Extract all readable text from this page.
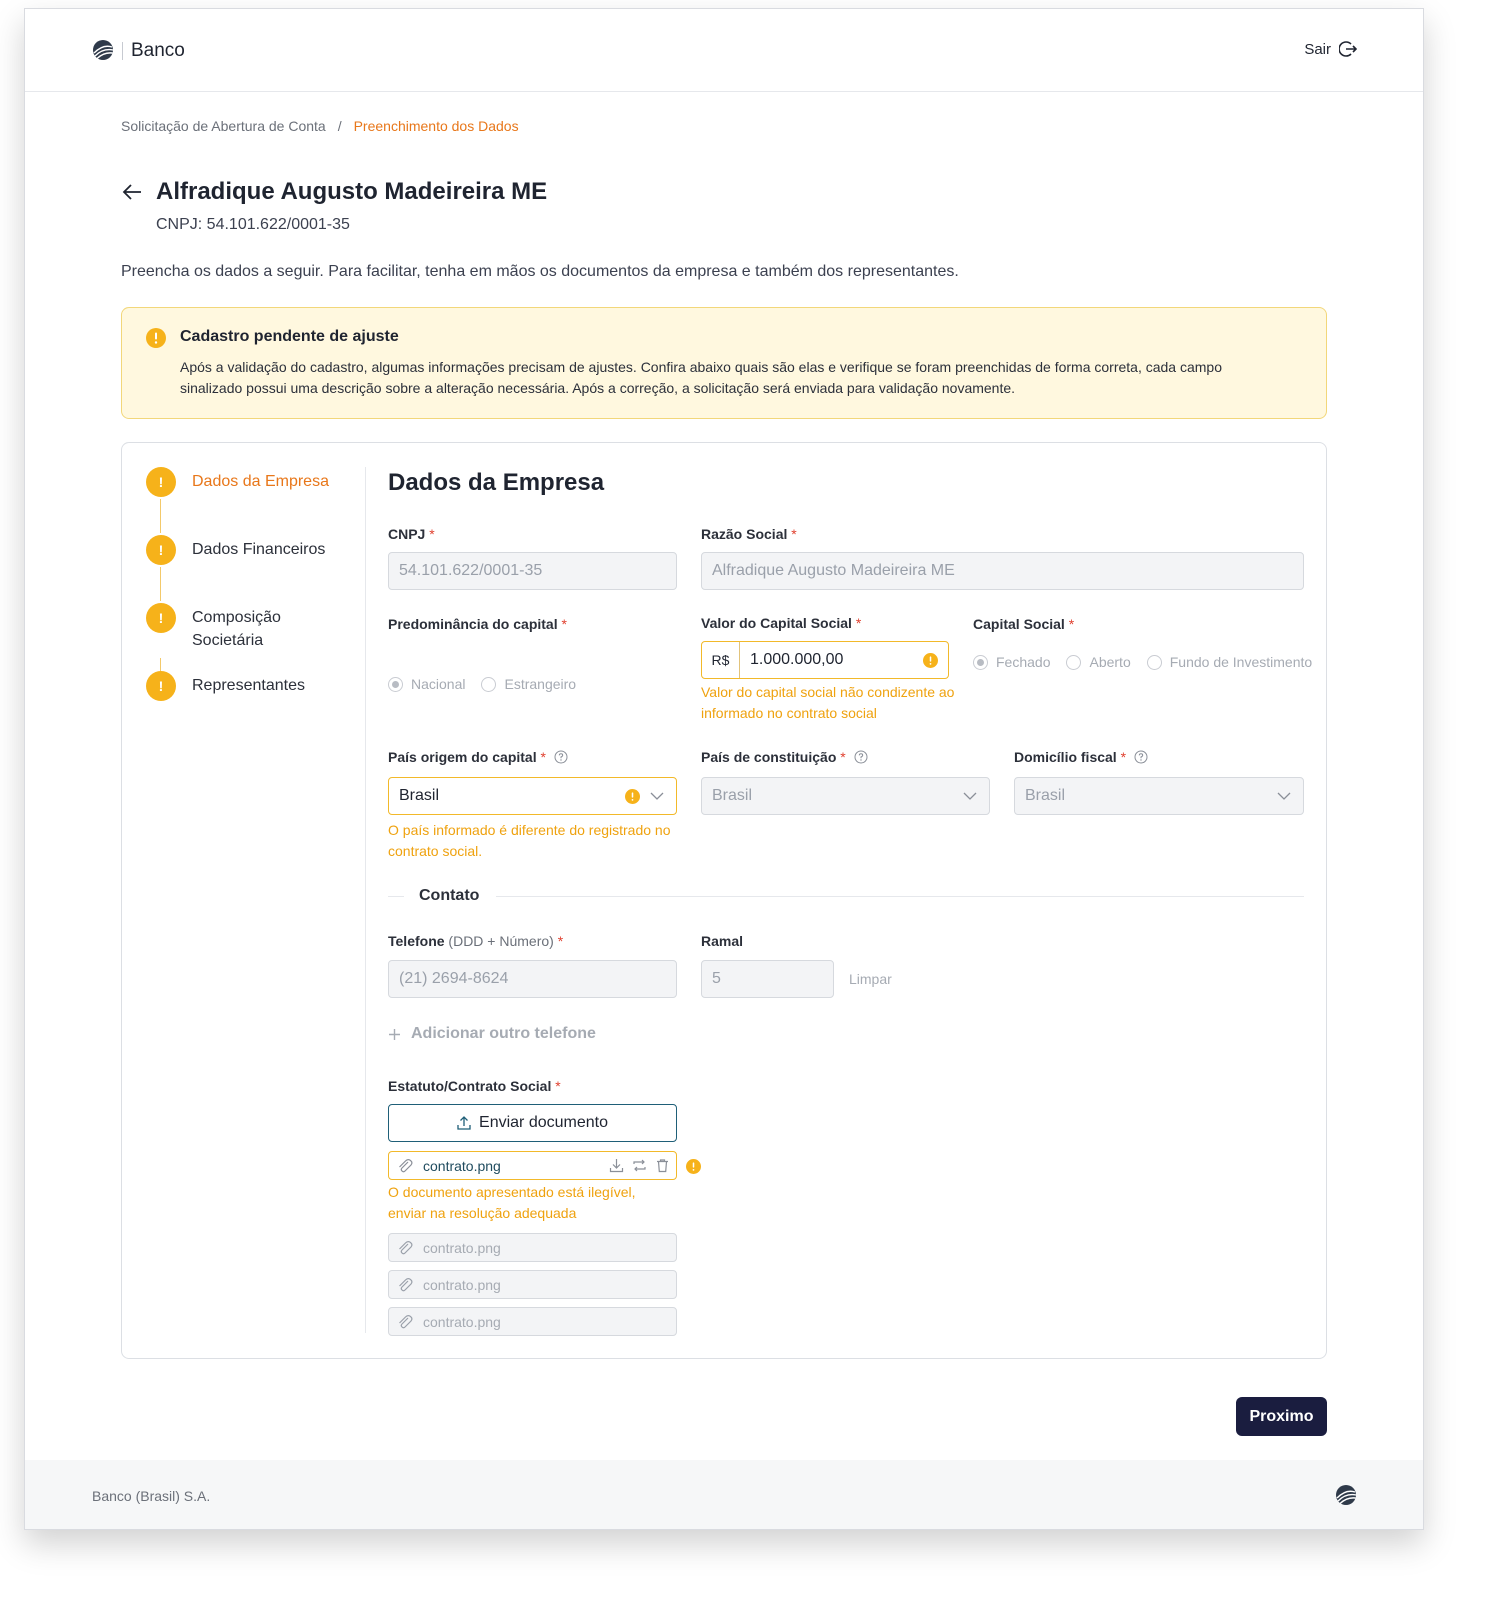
Banco	Sair
Solicitação de Abertura de Conta / Preenchimento dos Dados
Alfradique Augusto Madeireira ME
CNPJ: 54.101.622/0001-35
Preencha os dados a seguir. Para facilitar, tenha em mãos os documentos da empresa e também dos representantes.
Cadastro pendente de ajuste
Após a validação do cadastro, algumas informações precisam de ajustes. Confira abaixo quais são elas e verifique se foram preenchidas de forma correta, cada campo sinalizado possui uma descrição sobre a alteração necessária. Após a correção, a solicitação será enviada para validação novamente.
!	Dados da Empresa
!	Dados Financeiros
!	Composição Societária
!	Representantes
Dados da Empresa
CNPJ *
54.101.622/0001-35
Razão Social *
Alfradique Augusto Madeireira ME
Predominância do capital *
Nacional	Estrangeiro
Valor do Capital Social *
R$	1.000.000,00
Valor do capital social não condizente ao informado no contrato social
Capital Social *
Fechado	Aberto	Fundo de Investimento
País origem do capital *
Brasil
O país informado é diferente do registrado no contrato social.
País de constituição *
Brasil
Domicílio fiscal *
Brasil
Contato
Telefone (DDD + Número) *
(21) 2694-8624
Ramal
5	Limpar
Adicionar outro telefone
Estatuto/Contrato Social *
Enviar documento
contrato.png
O documento apresentado está ilegível, enviar na resolução adequada
contrato.png
contrato.png
contrato.png
Proximo
Banco (Brasil) S.A.
